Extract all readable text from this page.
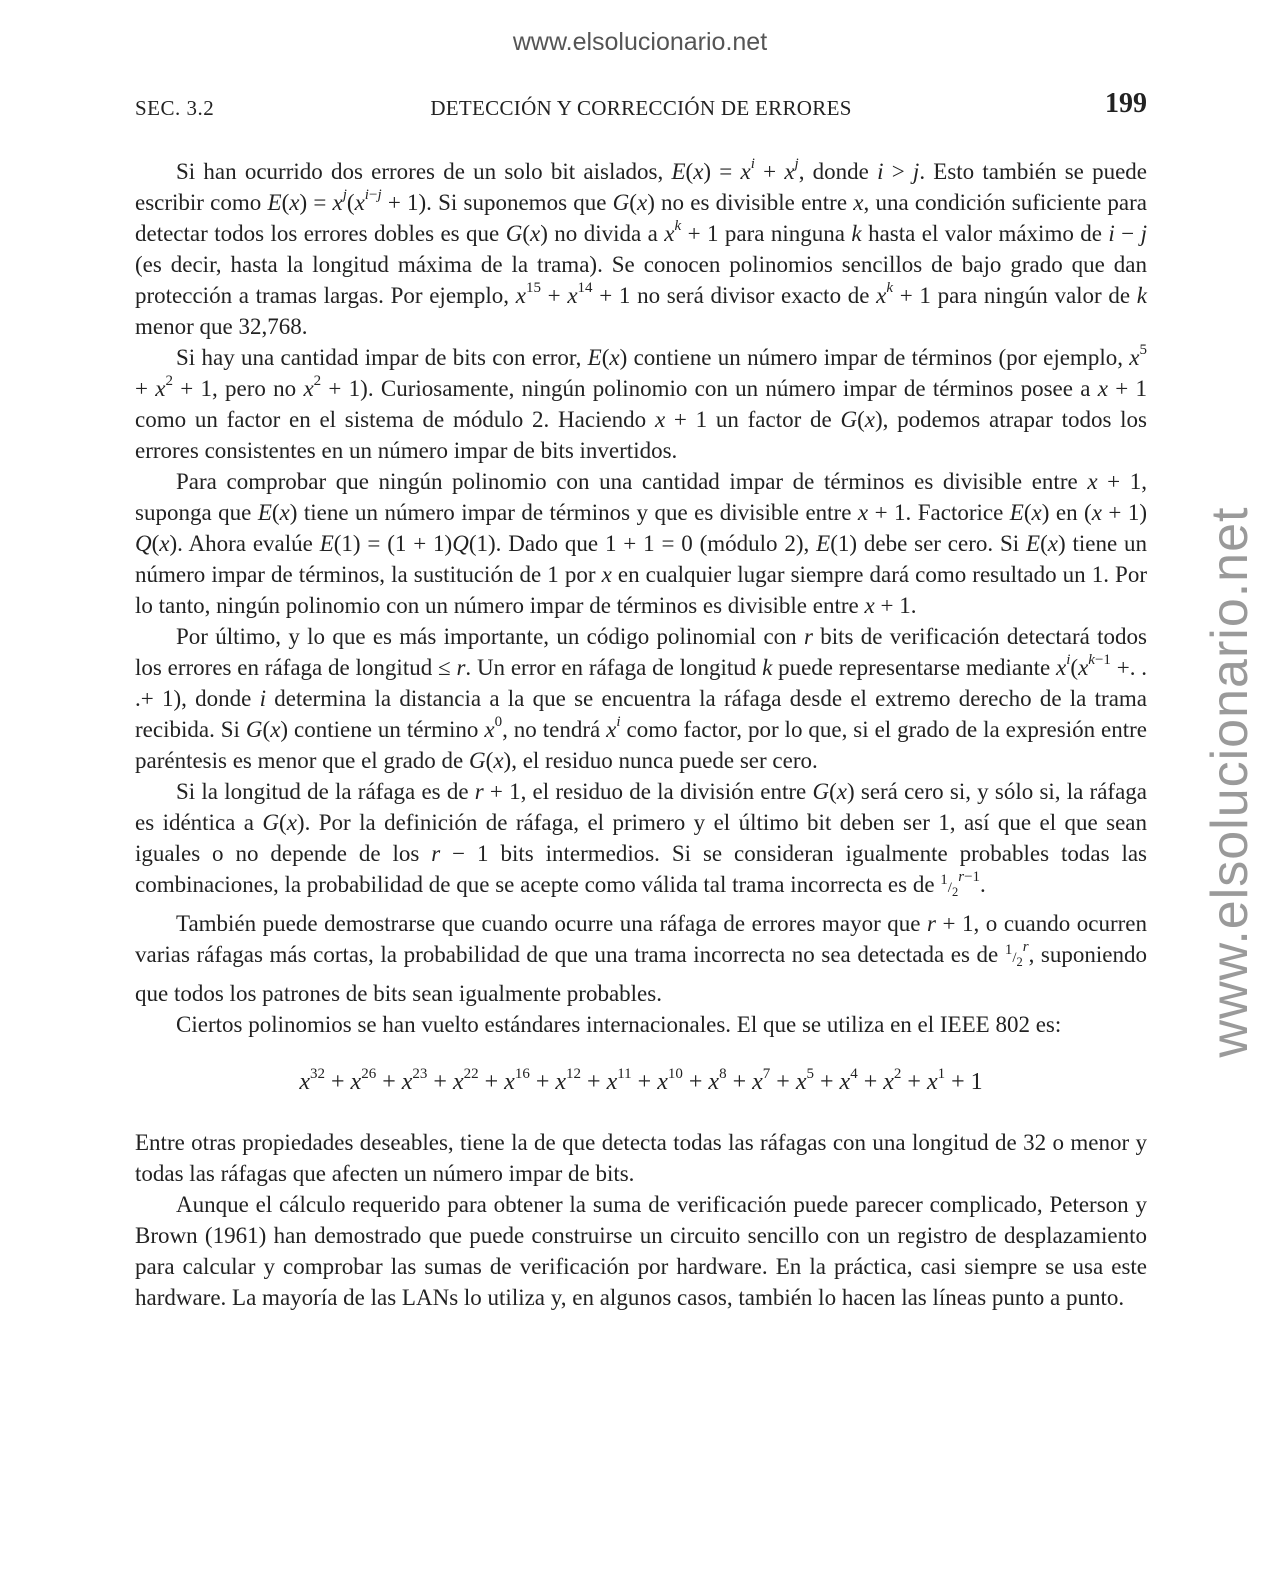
www.elsolucionario.net
www.elsolucionario.net
SEC. 3.2	DETECCIÓN Y CORRECCIÓN DE ERRORES	199

Si han ocurrido dos errores de un solo bit aislados, $E(x) = x^i + x^j$, donde i > j. Esto también se puede escribir como $E(x) = x^j(x^{i-j} + 1)$. Si suponemos que G(x) no es divisible entre x, una condición suficiente para detectar todos los errores dobles es que G(x) no divida a $x^k + 1$ para ninguna k hasta el valor máximo de i − j (es decir, hasta la longitud máxima de la trama). Se conocen polinomios sencillos de bajo grado que dan protección a tramas largas. Por ejemplo, $x^{15} + x^{14} + 1$ no será divisor exacto de $x^k + 1$ para ningún valor de k menor que 32,768.

Si hay una cantidad impar de bits con error, E(x) contiene un número impar de términos (por ejemplo, $x^5 + x^2 + 1$, pero no $x^2 + 1$). Curiosamente, ningún polinomio con un número impar de términos posee a x + 1 como un factor en el sistema de módulo 2. Haciendo x + 1 un factor de G(x), podemos atrapar todos los errores consistentes en un número impar de bits invertidos.

Para comprobar que ningún polinomio con una cantidad impar de términos es divisible entre x + 1, suponga que E(x) tiene un número impar de términos y que es divisible entre x + 1. Factorice E(x) en (x + 1) Q(x). Ahora evalúe E(1) = (1 + 1)Q(1). Dado que 1 + 1 = 0 (módulo 2), E(1) debe ser cero. Si E(x) tiene un número impar de términos, la sustitución de 1 por x en cualquier lugar siempre dará como resultado un 1. Por lo tanto, ningún polinomio con un número impar de términos es divisible entre x + 1.

Por último, y lo que es más importante, un código polinomial con r bits de verificación detectará todos los errores en ráfaga de longitud ≤ r. Un error en ráfaga de longitud k puede representarse mediante $x^i(x^{k-1}$ +. . .+ 1), donde i determina la distancia a la que se encuentra la ráfaga desde el extremo derecho de la trama recibida. Si G(x) contiene un término $x^0$, no tendrá $x^i$ como factor, por lo que, si el grado de la expresión entre paréntesis es menor que el grado de G(x), el residuo nunca puede ser cero.

Si la longitud de la ráfaga es de r + 1, el residuo de la división entre G(x) será cero si, y sólo si, la ráfaga es idéntica a G(x). Por la definición de ráfaga, el primero y el último bit deben ser 1, así que el que sean iguales o no depende de los r − 1 bits intermedios. Si se consideran igualmente probables todas las combinaciones, la probabilidad de que se acepte como válida tal trama incorrecta es de $^1/_2^{r-1}$.

También puede demostrarse que cuando ocurre una ráfaga de errores mayor que r + 1, o cuando ocurren varias ráfagas más cortas, la probabilidad de que una trama incorrecta no sea detectada es de $^1/_2^r$, suponiendo que todos los patrones de bits sean igualmente probables.

Ciertos polinomios se han vuelto estándares internacionales. El que se utiliza en el IEEE 802 es:

$x^{32} + x^{26} + x^{23} + x^{22} + x^{16} + x^{12} + x^{11} + x^{10} + x^8 + x^7 + x^5 + x^4 + x^2 + x^1 + 1$

Entre otras propiedades deseables, tiene la de que detecta todas las ráfagas con una longitud de 32 o menor y todas las ráfagas que afecten un número impar de bits.

Aunque el cálculo requerido para obtener la suma de verificación puede parecer complicado, Peterson y Brown (1961) han demostrado que puede construirse un circuito sencillo con un registro de desplazamiento para calcular y comprobar las sumas de verificación por hardware. En la práctica, casi siempre se usa este hardware. La mayoría de las LANs lo utiliza y, en algunos casos, también lo hacen las líneas punto a punto.
